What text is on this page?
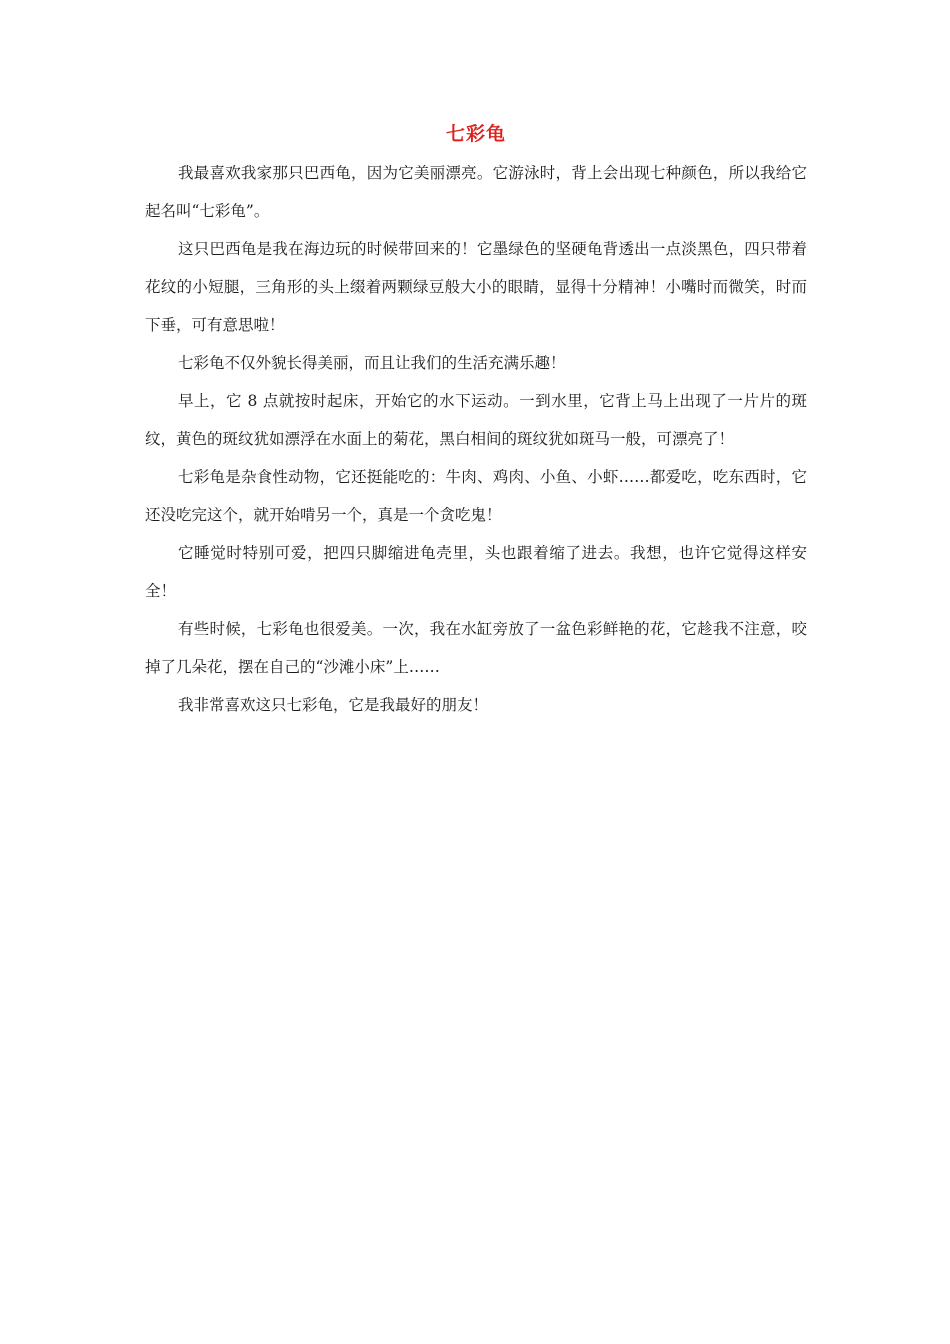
七彩龟

我最喜欢我家那只巴西龟，因为它美丽漂亮。它游泳时，背上会出现七种颜色，所以我给它起名叫“七彩龟”。

这只巴西龟是我在海边玩的时候带回来的！它墨绿色的坚硬龟背透出一点淡黑色，四只带着花纹的小短腿，三角形的头上缀着两颗绿豆般大小的眼睛，显得十分精神！小嘴时而微笑，时而下垂，可有意思啦！

七彩龟不仅外貌长得美丽，而且让我们的生活充满乐趣！

早上，它 8 点就按时起床，开始它的水下运动。一到水里，它背上马上出现了一片片的斑纹，黄色的斑纹犹如漂浮在水面上的菊花，黑白相间的斑纹犹如斑马一般，可漂亮了！

七彩龟是杂食性动物，它还挺能吃的：牛肉、鸡肉、小鱼、小虾……都爱吃，吃东西时，它还没吃完这个，就开始啃另一个，真是一个贪吃鬼！

它睡觉时特别可爱，把四只脚缩进龟壳里，头也跟着缩了进去。我想，也许它觉得这样安全！

有些时候，七彩龟也很爱美。一次，我在水缸旁放了一盆色彩鲜艳的花，它趁我不注意，咬掉了几朵花，摆在自己的“沙滩小床”上……

我非常喜欢这只七彩龟，它是我最好的朋友！
